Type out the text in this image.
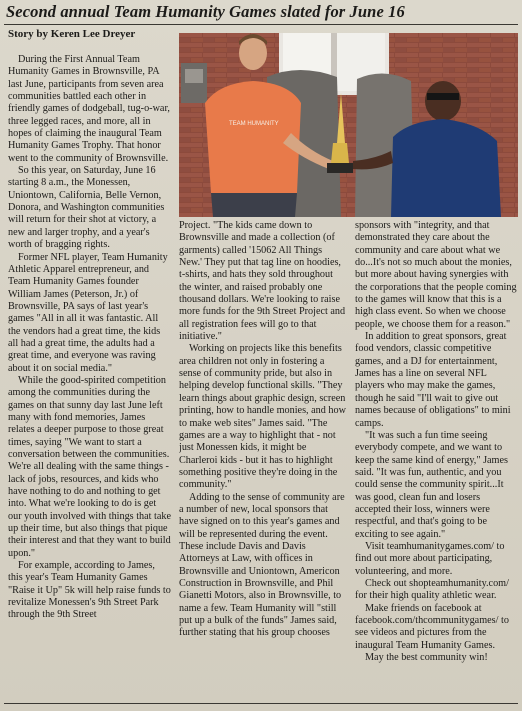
Second annual Team Humanity Games slated for June 16
Story by Keren Lee Dreyer

During the First Annual Team Humanity Games in Brownsville, PA last June, participants from seven area communities battled each other in friendly games of dodgeball, tug-o-war, three legged races, and more, all in hopes of claiming the inaugural Team Humanity Games Trophy. That honor went to the community of Brownsville.

So this year, on Saturday, June 16 starting 8 a.m., the Monessen, Uniontown, California, Belle Vernon, Donora, and Washington communities will return for their shot at victory, a new and larger trophy, and a year's worth of bragging rights.

Former NFL player, Team Humanity Athletic Apparel entrepreneur, and Team Humanity Games founder William James (Peterson, Jr.) of Brownsville, PA says of last year's games "All in all it was fantastic. All the vendors had a great time, the kids all had a great time, the adults had a great time, and everyone was raving about it on social media."

While the good-spirited competition among the communities during the games on that sunny day last June left many with fond memories, James relates a deeper purpose to those great times, saying "We want to start a conversation between the communities. We're all dealing with the same things - lack of jobs, resources, and kids who have nothing to do and nothing to get into. What we're looking to do is get our youth involved with things that take up their time, but also things that pique their interest and that they want to build upon."

For example, according to James, this year's Team Humanity Games "Raise it Up" 5k will help raise funds to revitalize Monessen's 9th Street Park through the 9th Street

TEAM HUMANITY

Project. "The kids came down to Brownsville and made a collection (of garments) called '15062 All Things New.' They put that tag line on hoodies, t-shirts, and hats they sold throughout the winter, and raised probably one thousand dollars. We're looking to raise more funds for the 9th Street Project and all registration fees will go to that initiative."

Working on projects like this benefits area children not only in fostering a sense of community pride, but also in helping develop functional skills. "They learn things about graphic design, screen printing, how to handle monies, and how to make web sites" James said. "The games are a way to highlight that - not just Monessen kids, it might be Charleroi kids - but it has to highlight something positive they're doing in the community."

Adding to the sense of community are a number of new, local sponsors that have signed on to this year's games and will be represented during the event. These include Davis and Davis Attorneys at Law, with offices in Brownsville and Uniontown, Americon Construction in Brownsville, and Phil Gianetti Motors, also in Brownsville, to name a few. Team Humanity will "still put up a bulk of the funds" James said, further stating that his group chooses

sponsors with "integrity, and that demonstrated they care about the community and care about what we do...It's not so much about the monies, but more about having synergies with the corporations that the people coming to the games will know that this is a high class event. So when we choose people, we choose them for a reason."

In addition to great sponsors, great food vendors, classic competitive games, and a DJ for entertainment, James has a line on several NFL players who may make the games, though he said "I'll wait to give out names because of obligations" to mini camps.

"It was such a fun time seeing everybody compete, and we want to keep the same kind of energy," James said. "It was fun, authentic, and you could sense the community spirit...It was good, clean fun and losers accepted their loss, winners were respectful, and that's going to be exciting to see again."

Visit teamhumanitygames.com/ to find out more about participating, volunteering, and more.

Check out shopteamhumanity.com/ for their high quality athletic wear.

Make friends on facebook at facebook.com/thcommunitygames/ to see videos and pictures from the inaugural Team Humanity Games.

May the best community win!
